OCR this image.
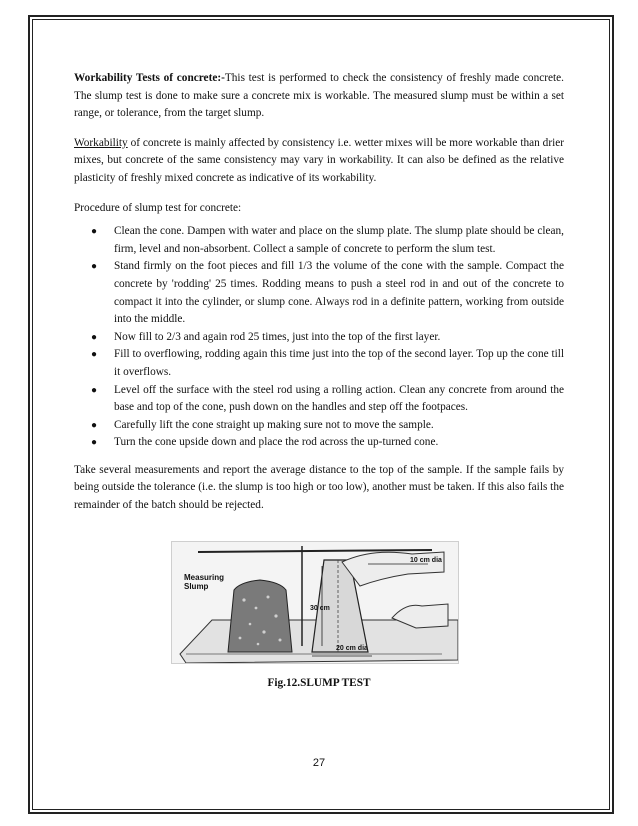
Workability Tests of concrete:-This test is performed to check the consistency of freshly made concrete. The slump test is done to make sure a concrete mix is workable. The measured slump must be within a set range, or tolerance, from the target slump.

Workability of concrete is mainly affected by consistency i.e. wetter mixes will be more workable than drier mixes, but concrete of the same consistency may vary in workability. It can also be defined as the relative plasticity of freshly mixed concrete as indicative of its workability.

Procedure of slump test for concrete:

● Clean the cone. Dampen with water and place on the slump plate. The slump plate should be clean, firm, level and non-absorbent. Collect a sample of concrete to perform the slum test.
● Stand firmly on the foot pieces and fill 1/3 the volume of the cone with the sample. Compact the concrete by 'rodding' 25 times. Rodding means to push a steel rod in and out of the concrete to compact it into the cylinder, or slump cone. Always rod in a definite pattern, working from outside into the middle.
● Now fill to 2/3 and again rod 25 times, just into the top of the first layer.
● Fill to overflowing, rodding again this time just into the top of the second layer. Top up the cone till it overflows.
● Level off the surface with the steel rod using a rolling action. Clean any concrete from around the base and top of the cone, push down on the handles and step off the footpaces.
● Carefully lift the cone straight up making sure not to move the sample.
● Turn the cone upside down and place the rod across the up-turned cone.

Take several measurements and report the average distance to the top of the sample. If the sample fails by being outside the tolerance (i.e. the slump is too high or too low), another must be taken. If this also fails the remainder of the batch should be rejected.

Measuring
Slump
30 cm
10 cm dia
20 cm dia
Fig.12.SLUMP TEST
27
